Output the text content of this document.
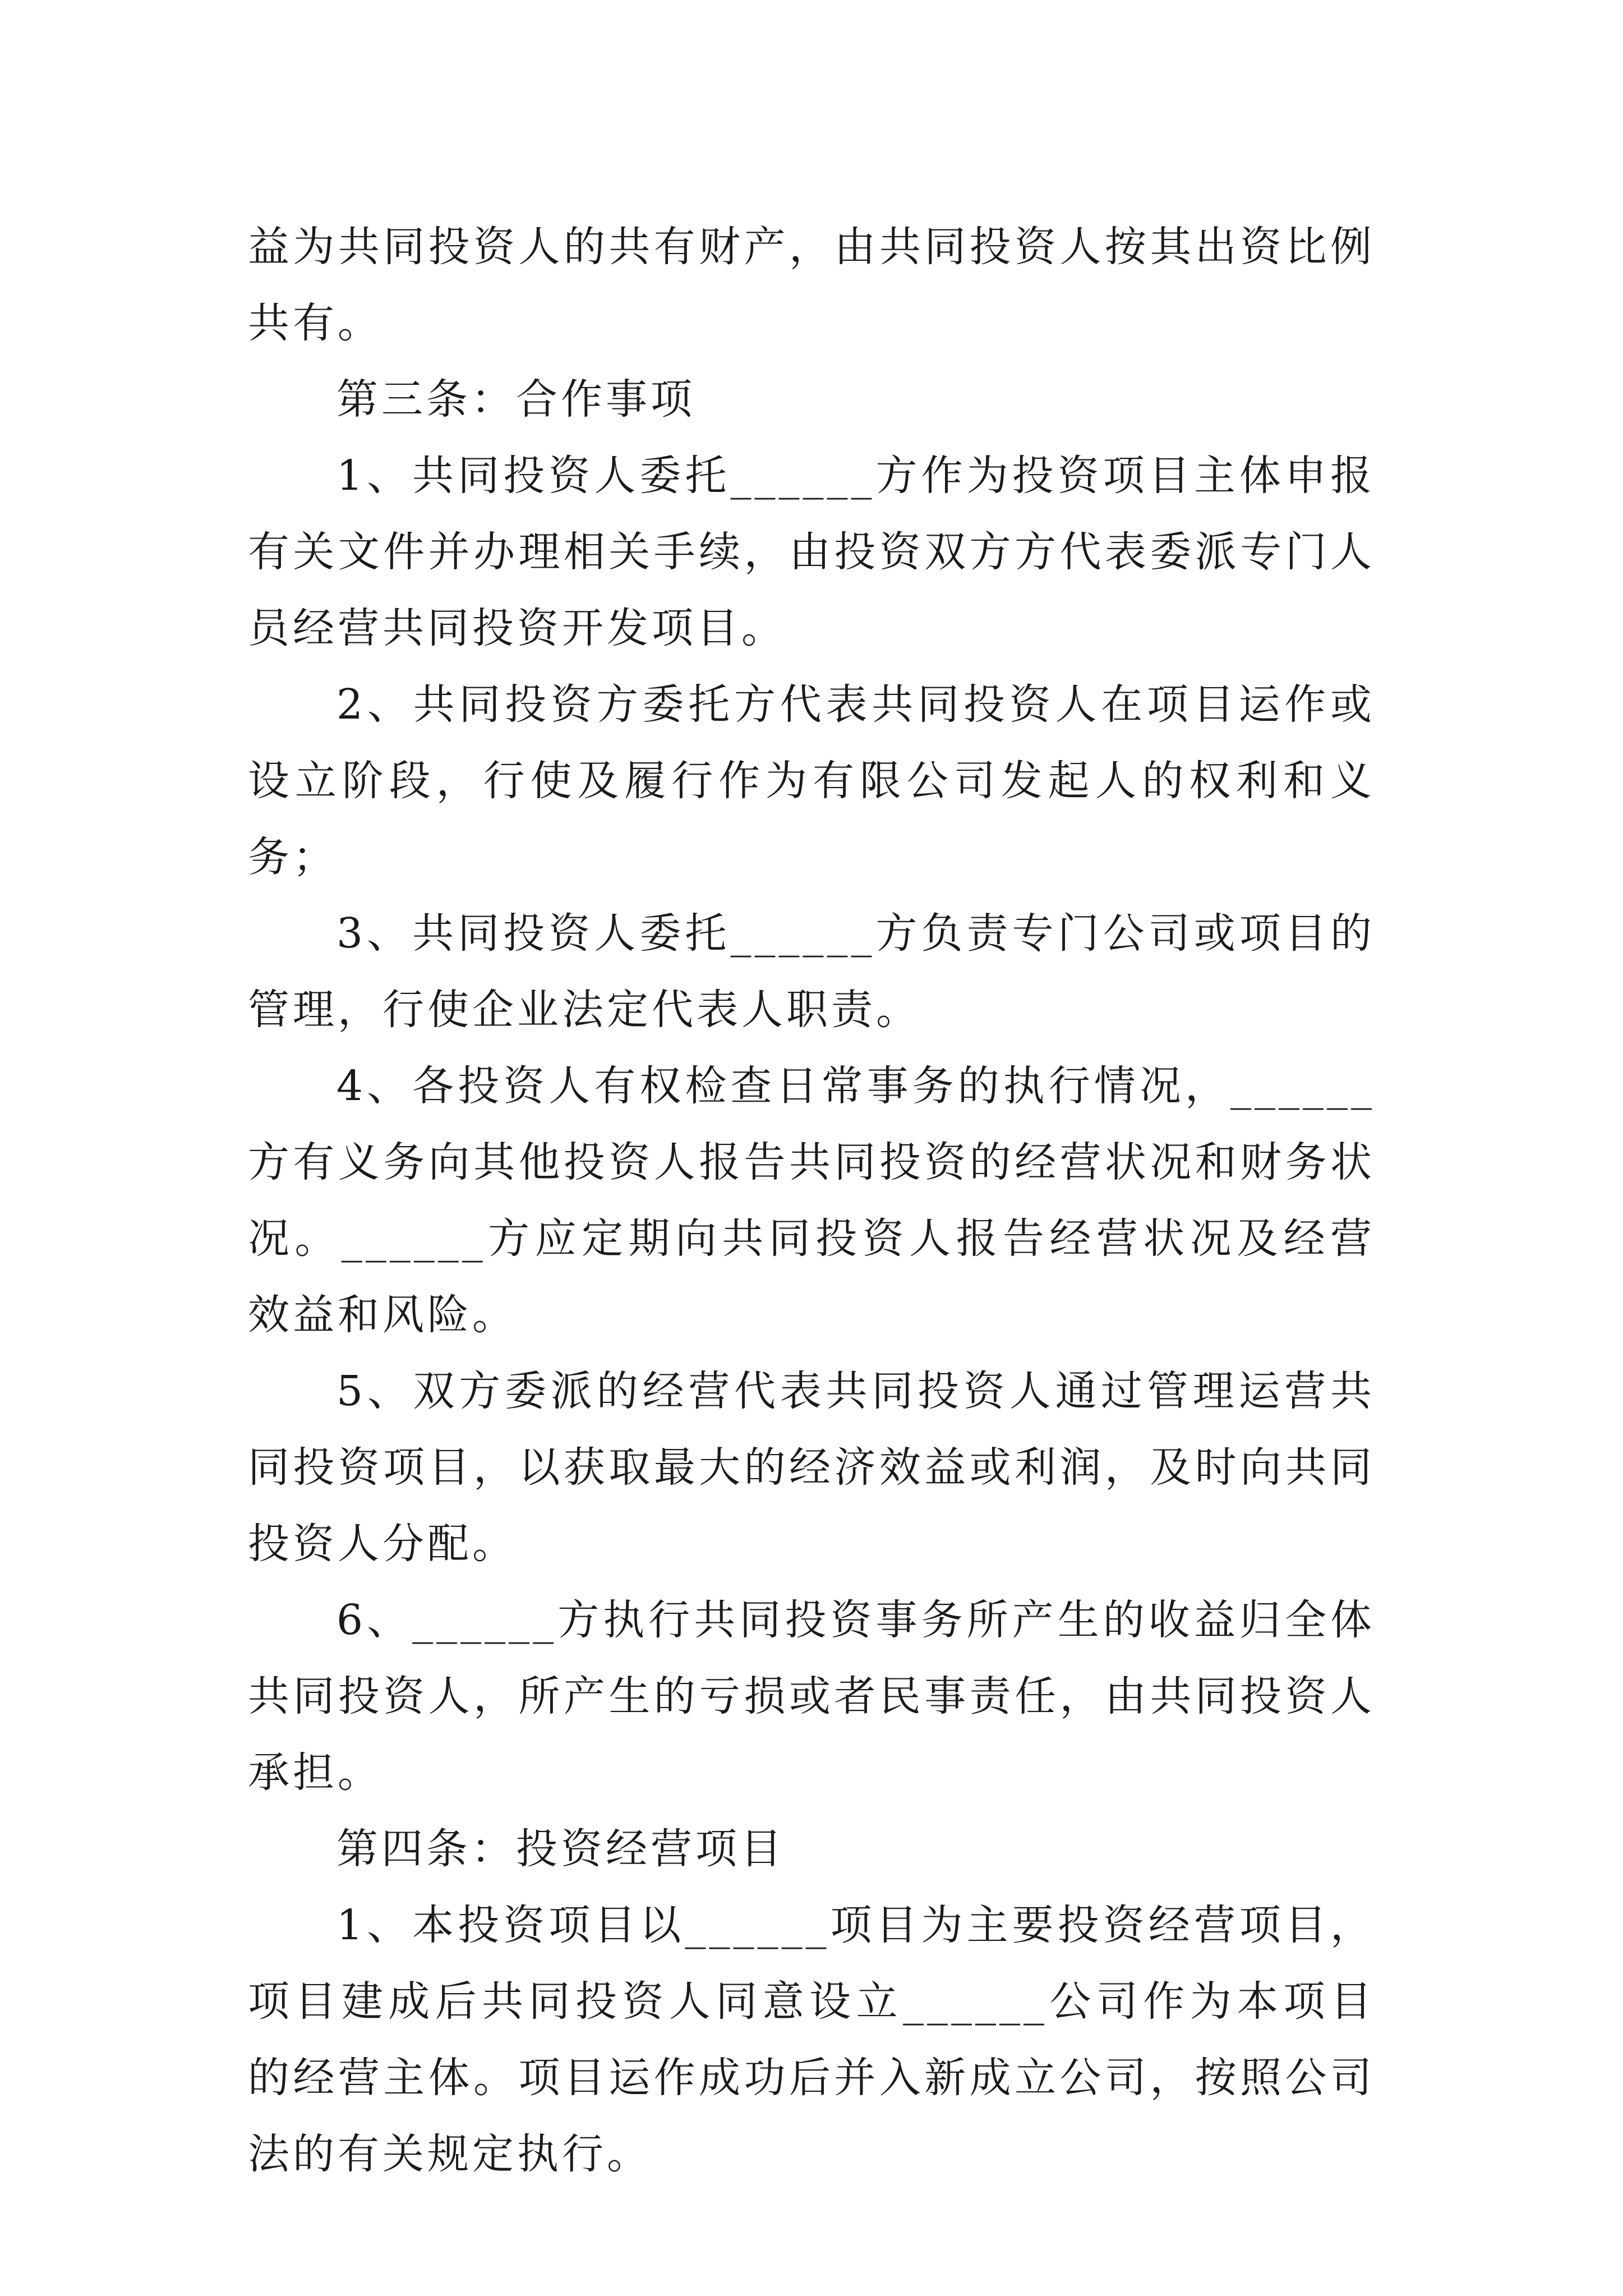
益为共同投资人的共有财产，由共同投资人按其出资比例共有。

第三条：合作事项

1、共同投资人委托______方作为投资项目主体申报有关文件并办理相关手续，由投资双方方代表委派专门人员经营共同投资开发项目。

2、共同投资方委托方代表共同投资人在项目运作或设立阶段，行使及履行作为有限公司发起人的权利和义务；

3、共同投资人委托______方负责专门公司或项目的管理，行使企业法定代表人职责。

4、各投资人有权检查日常事务的执行情况，______方有义务向其他投资人报告共同投资的经营状况和财务状况。______方应定期向共同投资人报告经营状况及经营效益和风险。

5、双方委派的经营代表共同投资人通过管理运营共同投资项目，以获取最大的经济效益或利润，及时向共同投资人分配。

6、______方执行共同投资事务所产生的收益归全体共同投资人，所产生的亏损或者民事责任，由共同投资人承担。

第四条：投资经营项目

1、本投资项目以______项目为主要投资经营项目，项目建成后共同投资人同意设立______公司作为本项目的经营主体。项目运作成功后并入新成立公司，按照公司法的有关规定执行。
